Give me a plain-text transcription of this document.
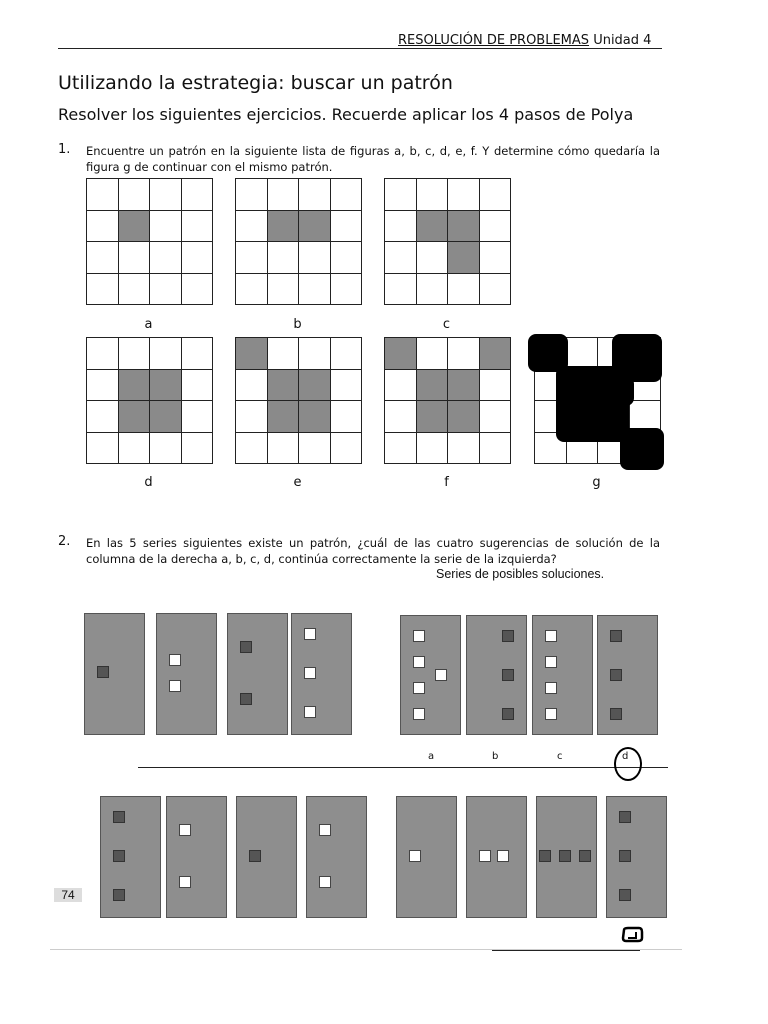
RESOLUCIÓN DE PROBLEMAS Unidad 4
Utilizando la estrategia: buscar un patrón
Resolver los siguientes ejercicios. Recuerde aplicar los 4 pasos de Polya
1. Encuentre un patrón en la siguiente lista de figuras a, b, c, d, e, f. Y determine cómo quedaría la figura g de continuar con el mismo patrón.
a	b	c
d	e	f	g
2. En las 5 series siguientes existe un patrón, ¿cuál de las cuatro sugerencias de solución de la columna de la derecha a, b, c, d, continúa correctamente la serie de la izquierda?
Series de posibles soluciones.
a	b	c	d
74
